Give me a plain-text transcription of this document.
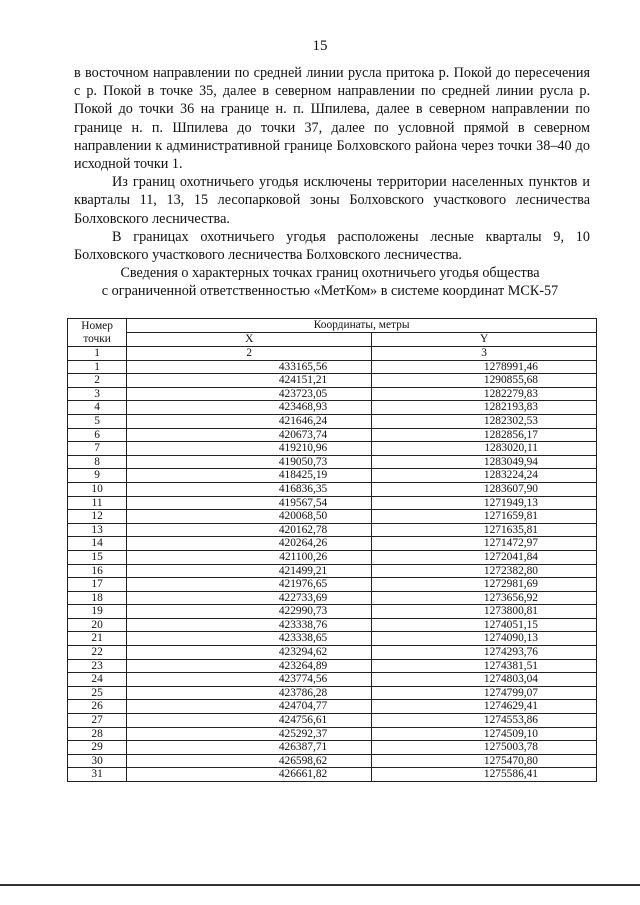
15

в восточном направлении по средней линии русла притока р. Покой до пересечения с р. Покой в точке 35, далее в северном направлении по средней линии русла р. Покой до точки 36 на границе н. п. Шпилева, далее в северном направлении по границе н. п. Шпилева до точки 37, далее по условной прямой в северном направлении к административной границе Болховского района через точки 38–40 до исходной точки 1.

Из границ охотничьего угодья исключены территории населенных пунктов и кварталы 11, 13, 15 лесопарковой зоны Болховского участкового лесничества Болховского лесничества.

В границах охотничьего угодья расположены лесные кварталы 9, 10 Болховского участкового лесничества Болховского лесничества.

Сведения о характерных точках границ охотничьего угодья общества
с ограниченной ответственностью «МетКом» в системе координат МСК-57
Номер
точки	Координаты, метры	
	X	Y
1	2	3
1	433165,56	1278991,46
2	424151,21	1290855,68
3	423723,05	1282279,83
4	423468,93	1282193,83
5	421646,24	1282302,53
6	420673,74	1282856,17
7	419210,96	1283020,11
8	419050,73	1283049,94
9	418425,19	1283224,24
10	416836,35	1283607,90
11	419567,54	1271949,13
12	420068,50	1271659,81
13	420162,78	1271635,81
14	420264,26	1271472,97
15	421100,26	1272041,84
16	421499,21	1272382,80
17	421976,65	1272981,69
18	422733,69	1273656,92
19	422990,73	1273800,81
20	423338,76	1274051,15
21	423338,65	1274090,13
22	423294,62	1274293,76
23	423264,89	1274381,51
24	423774,56	1274803,04
25	423786,28	1274799,07
26	424704,77	1274629,41
27	424756,61	1274553,86
28	425292,37	1274509,10
29	426387,71	1275003,78
30	426598,62	1275470,80
31	426661,82	1275586,41
